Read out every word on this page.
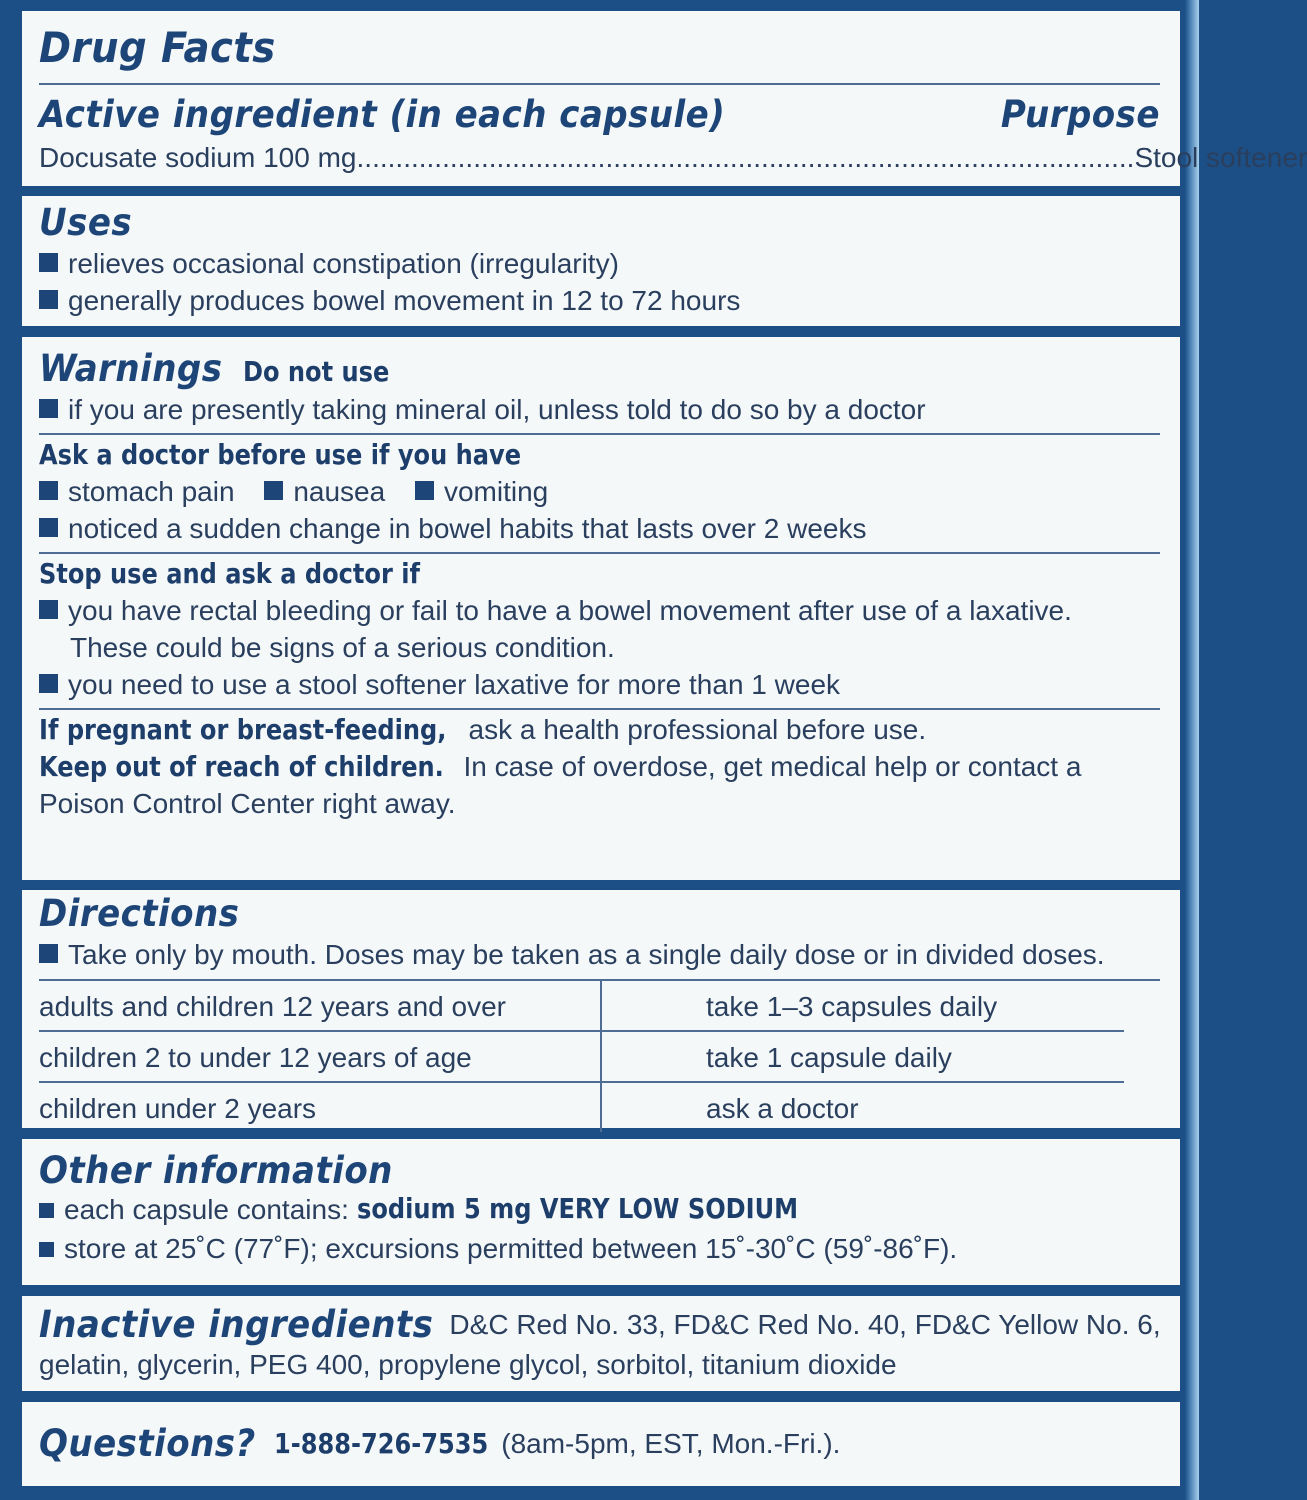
Drug Facts
Active ingredient (in each capsule)	Purpose
Docusate sodium 100 mg .................................................................................................... Stool softener
Uses
relieves occasional constipation (irregularity)
generally produces bowel movement in 12 to 72 hours
Warnings Do not use
if you are presently taking mineral oil, unless told to do so by a doctor
Ask a doctor before use if you have
stomach pain nausea vomiting
noticed a sudden change in bowel habits that lasts over 2 weeks
Stop use and ask a doctor if
you have rectal bleeding or fail to have a bowel movement after use of a laxative.
These could be signs of a serious condition.
you need to use a stool softener laxative for more than 1 week
If pregnant or breast-feeding, ask a health professional before use.
Keep out of reach of children. In case of overdose, get medical help or contact a
Poison Control Center right away.
Directions
Take only by mouth. Doses may be taken as a single daily dose or in divided doses.
adults and children 12 years and over	take 1–3 capsules daily
children 2 to under 12 years of age	take 1 capsule daily
children under 2 years	ask a doctor
Other information
each capsule contains: sodium 5 mg VERY LOW SODIUM
store at 25˚C (77˚F); excursions permitted between 15˚-30˚C (59˚-86˚F).
Inactive ingredients D&C Red No. 33, FD&C Red No. 40, FD&C Yellow No. 6,
gelatin, glycerin, PEG 400, propylene glycol, sorbitol, titanium dioxide
Questions? 1-888-726-7535 (8am-5pm, EST, Mon.-Fri.).
